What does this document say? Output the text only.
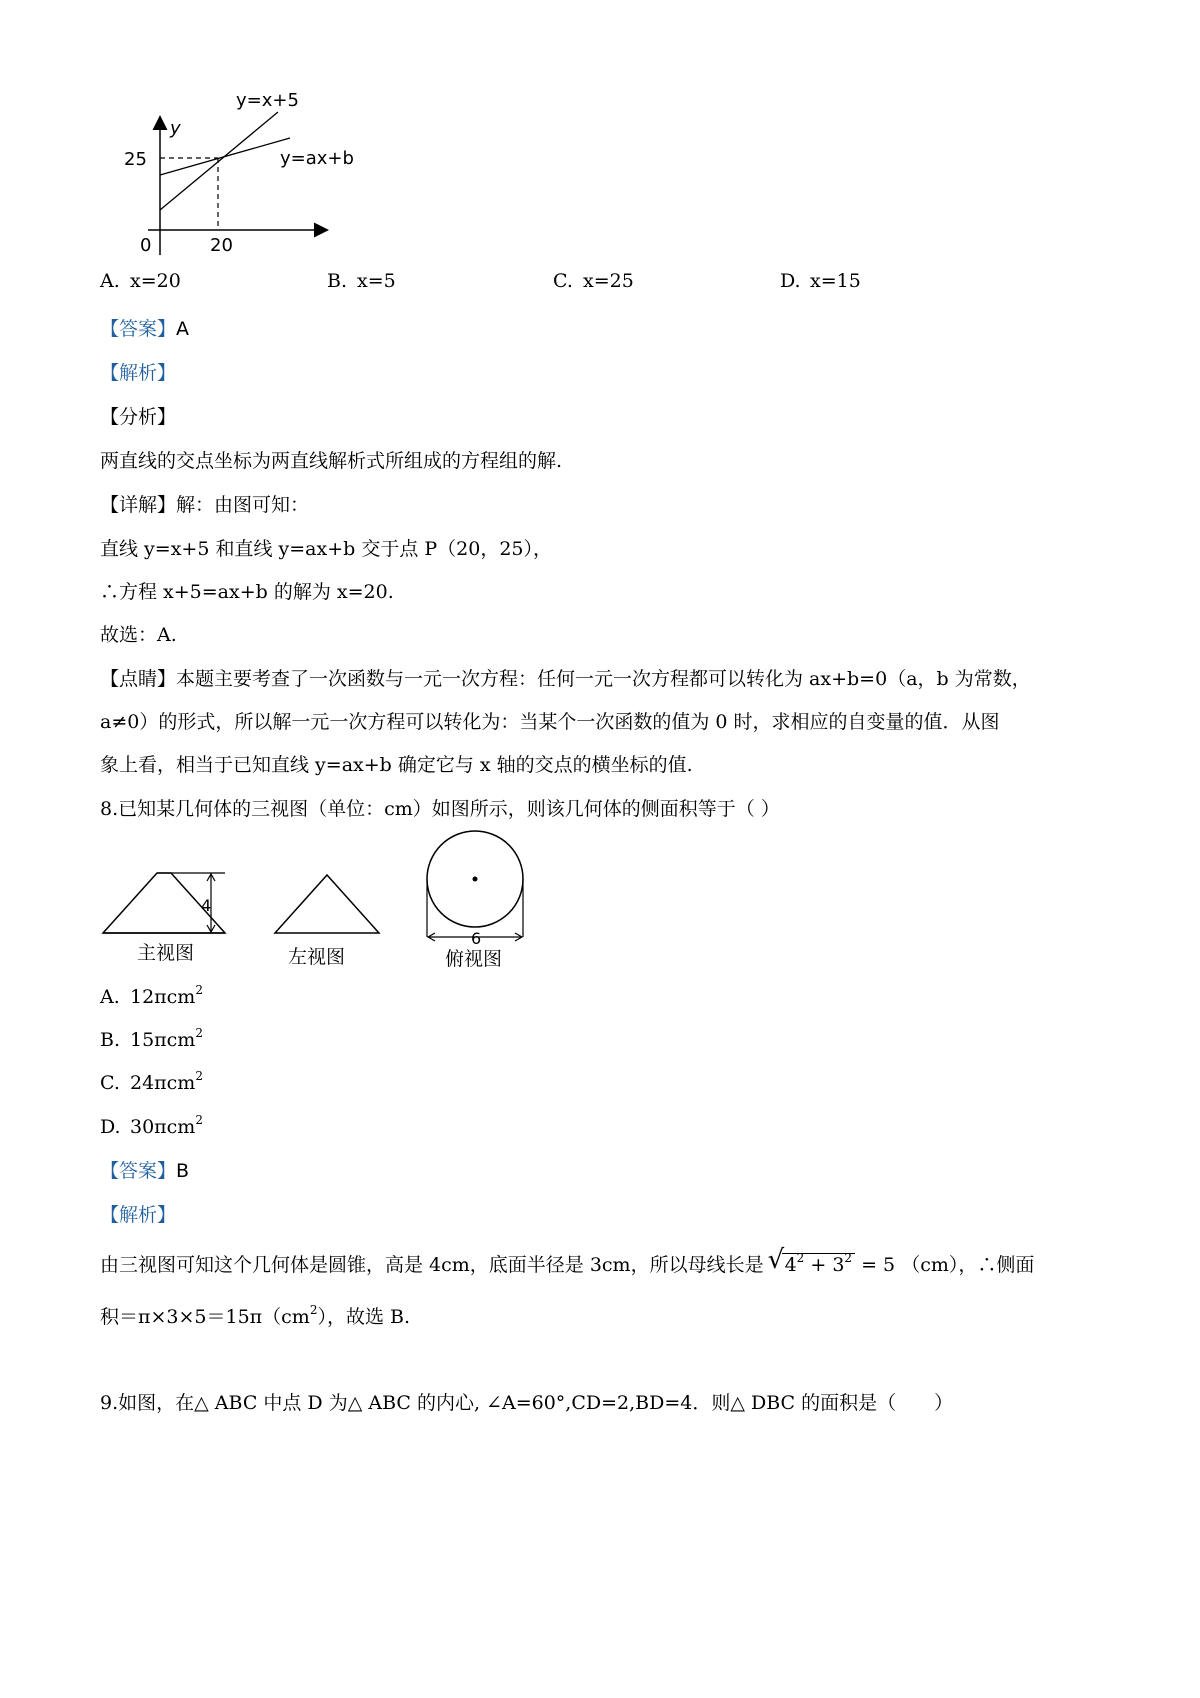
y
25
20
0
y=x+5
y=ax+b
A. x=20	B. x=5	C. x=25	D. x=15
【答案】A
【解析】
【分析】
两直线的交点坐标为两直线解析式所组成的方程组的解.
【详解】解：由图可知：
直线 y=x+5 和直线 y=ax+b 交于点 P（20，25），
∴方程 x+5=ax+b 的解为 x=20.
故选：A.
【点睛】本题主要考查了一次函数与一元一次方程：任何一元一次方程都可以转化为 ax+b=0（a，b 为常数，
a≠0）的形式，所以解一元一次方程可以转化为：当某个一次函数的值为 0 时，求相应的自变量的值．从图
象上看，相当于已知直线 y=ax+b 确定它与 x 轴的交点的横坐标的值.
8.已知某几何体的三视图（单位：cm）如图所示，则该几何体的侧面积等于（ ）
4
主视图	左视图
6
俯视图
A. 12πcm$^2$
B. 15πcm$^2$
C. 24πcm$^2$
D. 30πcm$^2$
【答案】B
【解析】
由三视图可知这个几何体是圆锥，高是 4cm，底面半径是 3cm，所以母线长是 √ $4^2 + 3^2 = 5$ （cm），∴侧面
积$=\pi\times 3\times 5=15\pi(cm^2)$，故选 B.
9.如图，在△ ABC 中点 D 为△ ABC 的内心, ∠A=60°,CD=2,BD=4．则△ DBC 的面积是（　　）
